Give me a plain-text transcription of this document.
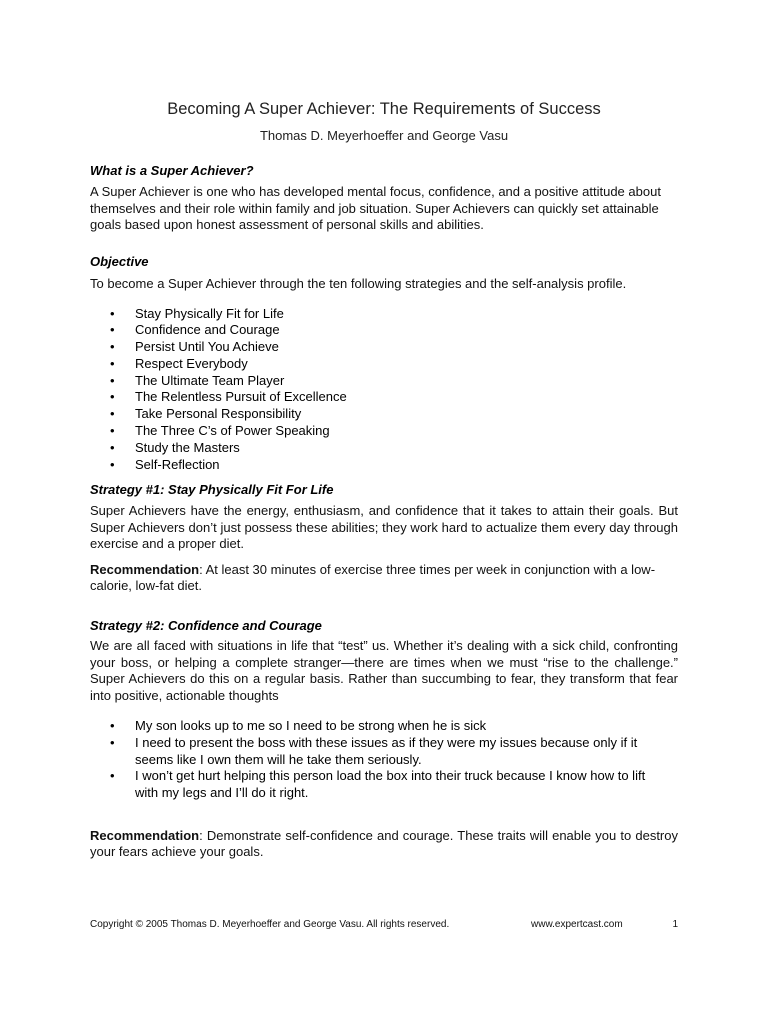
Becoming A Super Achiever: The Requirements of Success
Thomas D. Meyerhoeffer and George Vasu
What is a Super Achiever?

A Super Achiever is one who has developed mental focus, confidence, and a positive attitude about themselves and their role within family and job situation. Super Achievers can quickly set attainable goals based upon honest assessment of personal skills and abilities.

Objective

To become a Super Achiever through the ten following strategies and the self-analysis profile.

• Stay Physically Fit for Life
• Confidence and Courage
• Persist Until You Achieve
• Respect Everybody
• The Ultimate Team Player
• The Relentless Pursuit of Excellence
• Take Personal Responsibility
• The Three C’s of Power Speaking
• Study the Masters
• Self-Reflection
Strategy #1: Stay Physically Fit For Life

Super Achievers have the energy, enthusiasm, and confidence that it takes to attain their goals. But Super Achievers don’t just possess these abilities; they work hard to actualize them every day through exercise and a proper diet.

Recommendation: At least 30 minutes of exercise three times per week in conjunction with a low-calorie, low-fat diet.

Strategy #2: Confidence and Courage

We are all faced with situations in life that “test” us. Whether it’s dealing with a sick child, confronting your boss, or helping a complete stranger—there are times when we must “rise to the challenge.” Super Achievers do this on a regular basis. Rather than succumbing to fear, they transform that fear into positive, actionable thoughts

• My son looks up to me so I need to be strong when he is sick
• I need to present the boss with these issues as if they were my issues because only if it seems like I own them will he take them seriously.
• I won’t get hurt helping this person load the box into their truck because I know how to lift with my legs and I’ll do it right.

Recommendation: Demonstrate self-confidence and courage. These traits will enable you to destroy your fears achieve your goals.

Copyright © 2005 Thomas D. Meyerhoeffer and George Vasu. All rights reserved.	www.expertcast.com	1
